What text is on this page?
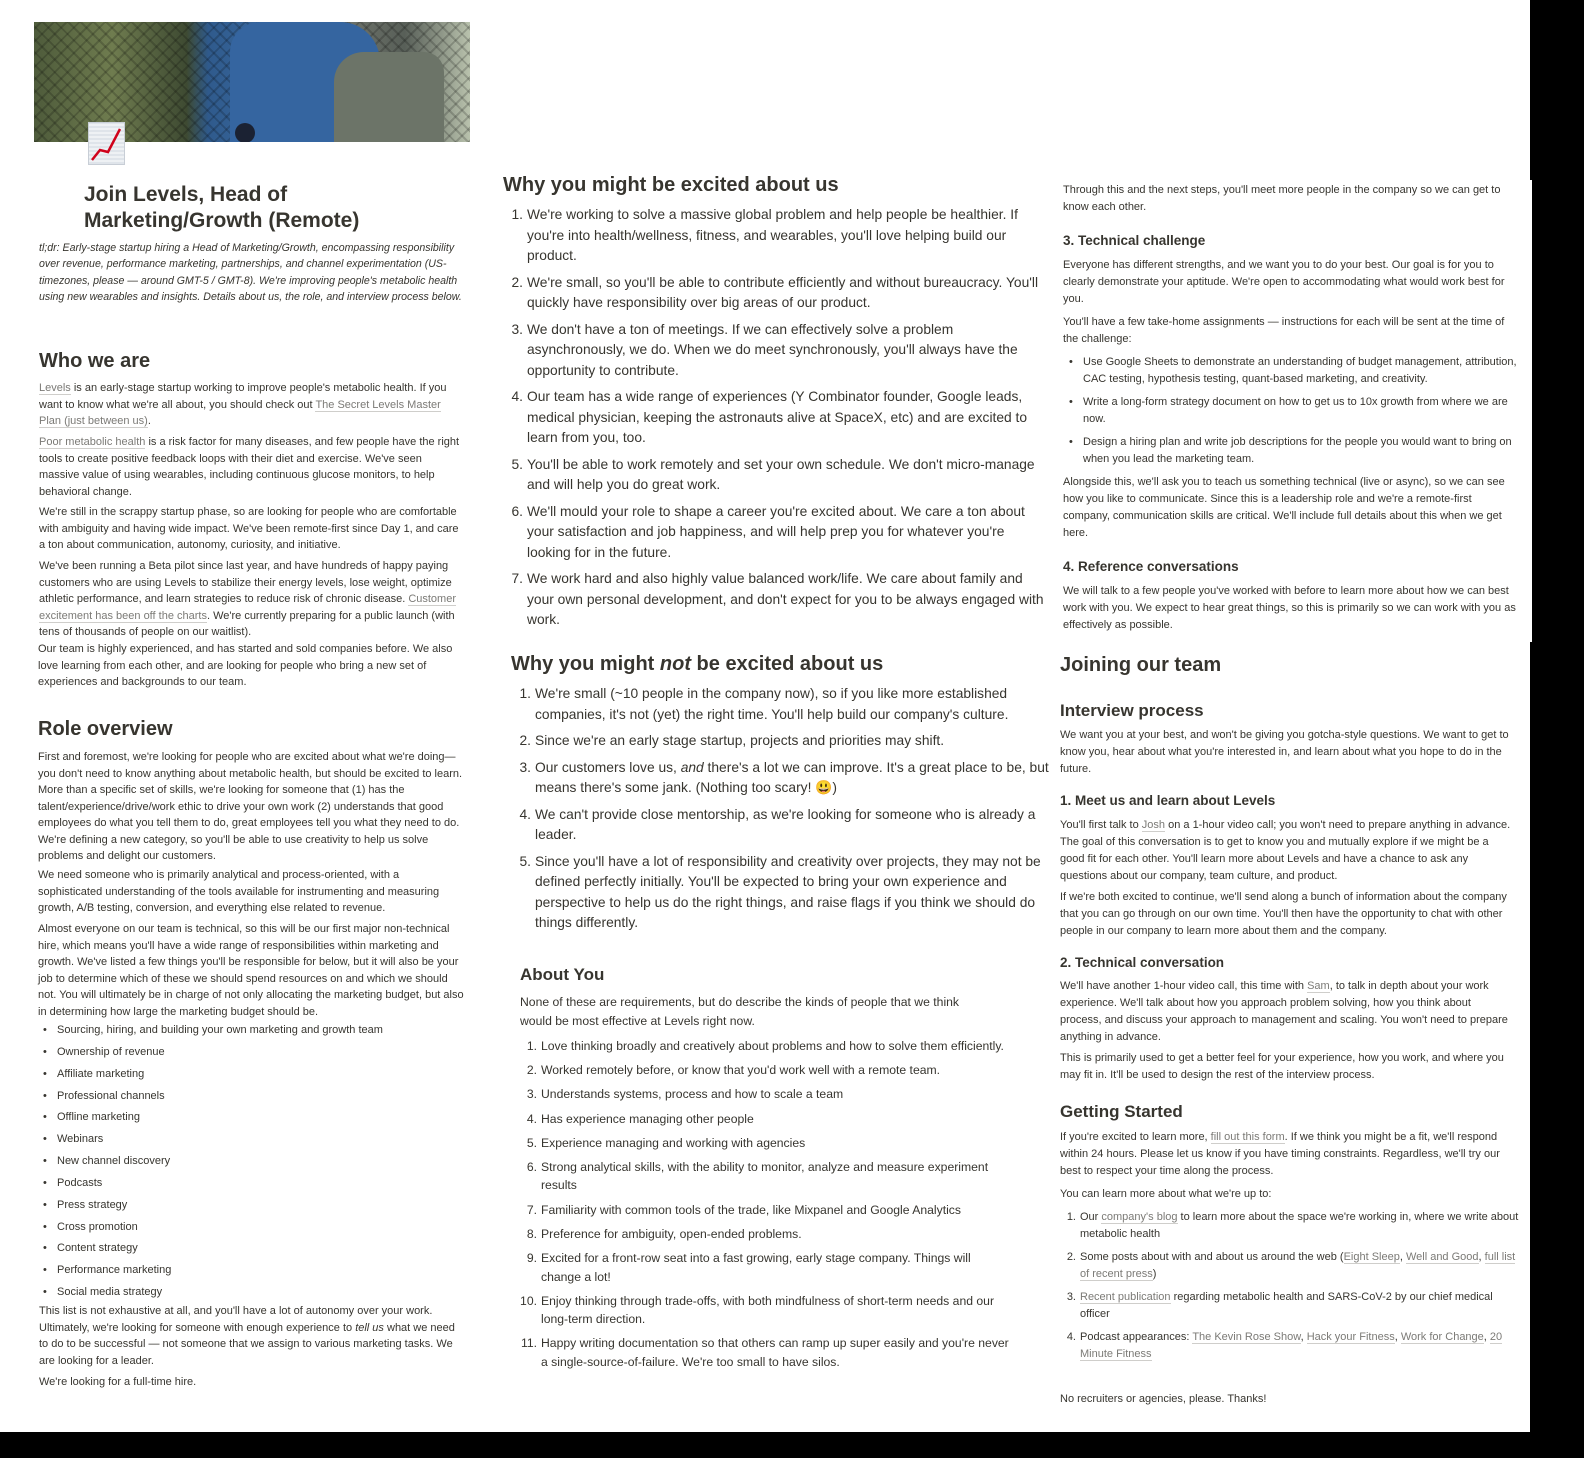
Join Levels, Head of Marketing/Growth (Remote)

tl;dr: Early-stage startup hiring a Head of Marketing/Growth, encompassing responsibility over revenue, performance marketing, partnerships, and channel experimentation (US-timezones, please — around GMT-5 / GMT-8). We're improving people's metabolic health using new wearables and insights. Details about us, the role, and interview process below.

Who we are

Levels is an early-stage startup working to improve people's metabolic health. If you want to know what we're all about, you should check out The Secret Levels Master Plan (just between us).

Poor metabolic health is a risk factor for many diseases, and few people have the right tools to create positive feedback loops with their diet and exercise. We've seen massive value of using wearables, including continuous glucose monitors, to help behavioral change.

We're still in the scrappy startup phase, so are looking for people who are comfortable with ambiguity and having wide impact. We've been remote-first since Day 1, and care a ton about communication, autonomy, curiosity, and initiative.

We've been running a Beta pilot since last year, and have hundreds of happy paying customers who are using Levels to stabilize their energy levels, lose weight, optimize athletic performance, and learn strategies to reduce risk of chronic disease. Customer excitement has been off the charts. We're currently preparing for a public launch (with tens of thousands of people on our waitlist).

Our team is highly experienced, and has started and sold companies before. We also love learning from each other, and are looking for people who bring a new set of experiences and backgrounds to our team.

Role overview

First and foremost, we're looking for people who are excited about what we're doing—you don't need to know anything about metabolic health, but should be excited to learn. More than a specific set of skills, we're looking for someone that (1) has the talent/experience/drive/work ethic to drive your own work (2) understands that good employees do what you tell them to do, great employees tell you what they need to do. We're defining a new category, so you'll be able to use creativity to help us solve problems and delight our customers.

We need someone who is primarily analytical and process-oriented, with a sophisticated understanding of the tools available for instrumenting and measuring growth, A/B testing, conversion, and everything else related to revenue.

Almost everyone on our team is technical, so this will be our first major non-technical hire, which means you'll have a wide range of responsibilities within marketing and growth. We've listed a few things you'll be responsible for below, but it will also be your job to determine which of these we should spend resources on and which we should not. You will ultimately be in charge of not only allocating the marketing budget, but also in determining how large the marketing budget should be.

• Sourcing, hiring, and building your own marketing and growth team
• Ownership of revenue
• Affiliate marketing
• Professional channels
• Offline marketing
• Webinars
• New channel discovery
• Podcasts
• Press strategy
• Cross promotion
• Content strategy
• Performance marketing
• Social media strategy

This list is not exhaustive at all, and you'll have a lot of autonomy over your work. Ultimately, we're looking for someone with enough experience to tell us what we need to do to be successful — not someone that we assign to various marketing tasks. We are looking for a leader.

We're looking for a full-time hire.

Why you might be excited about us
1. We're working to solve a massive global problem and help people be healthier. If you're into health/wellness, fitness, and wearables, you'll love helping build our product.
2. We're small, so you'll be able to contribute efficiently and without bureaucracy. You'll quickly have responsibility over big areas of our product.
3. We don't have a ton of meetings. If we can effectively solve a problem asynchronously, we do. When we do meet synchronously, you'll always have the opportunity to contribute.
4. Our team has a wide range of experiences (Y Combinator founder, Google leads, medical physician, keeping the astronauts alive at SpaceX, etc) and are excited to learn from you, too.
5. You'll be able to work remotely and set your own schedule. We don't micro-manage and will help you do great work.
6. We'll mould your role to shape a career you're excited about. We care a ton about your satisfaction and job happiness, and will help prep you for whatever you're looking for in the future.
7. We work hard and also highly value balanced work/life. We care about family and your own personal development, and don't expect for you to be always engaged with work.
Why you might not be excited about us
1. We're small (~10 people in the company now), so if you like more established companies, it's not (yet) the right time. You'll help build our company's culture.
2. Since we're an early stage startup, projects and priorities may shift.
3. Our customers love us, and there's a lot we can improve. It's a great place to be, but means there's some jank. (Nothing too scary! 😃)
4. We can't provide close mentorship, as we're looking for someone who is already a leader.
5. Since you'll have a lot of responsibility and creativity over projects, they may not be defined perfectly initially. You'll be expected to bring your own experience and perspective to help us do the right things, and raise flags if you think we should do things differently.
About You

None of these are requirements, but do describe the kinds of people that we think would be most effective at Levels right now.

1. Love thinking broadly and creatively about problems and how to solve them efficiently.
2. Worked remotely before, or know that you'd work well with a remote team.
3. Understands systems, process and how to scale a team
4. Has experience managing other people
5. Experience managing and working with agencies
6. Strong analytical skills, with the ability to monitor, analyze and measure experiment results
7. Familiarity with common tools of the trade, like Mixpanel and Google Analytics
8. Preference for ambiguity, open-ended problems.
9. Excited for a front-row seat into a fast growing, early stage company. Things will change a lot!
10. Enjoy thinking through trade-offs, with both mindfulness of short-term needs and our long-term direction.
11. Happy writing documentation so that others can ramp up super easily and you're never a single-source-of-failure. We're too small to have silos.

Through this and the next steps, you'll meet more people in the company so we can get to know each other.

3. Technical challenge

Everyone has different strengths, and we want you to do your best. Our goal is for you to clearly demonstrate your aptitude. We're open to accommodating what would work best for you.

You'll have a few take-home assignments — instructions for each will be sent at the time of the challenge:

• Use Google Sheets to demonstrate an understanding of budget management, attribution, CAC testing, hypothesis testing, quant-based marketing, and creativity.
• Write a long-form strategy document on how to get us to 10x growth from where we are now.
• Design a hiring plan and write job descriptions for the people you would want to bring on when you lead the marketing team.

Alongside this, we'll ask you to teach us something technical (live or async), so we can see how you like to communicate. Since this is a leadership role and we're a remote-first company, communication skills are critical. We'll include full details about this when we get here.

4. Reference conversations

We will talk to a few people you've worked with before to learn more about how we can best work with you. We expect to hear great things, so this is primarily so we can work with you as effectively as possible.

Joining our team
Interview process

We want you at your best, and won't be giving you gotcha-style questions. We want to get to know you, hear about what you're interested in, and learn about what you hope to do in the future.

1. Meet us and learn about Levels

You'll first talk to Josh on a 1-hour video call; you won't need to prepare anything in advance. The goal of this conversation is to get to know you and mutually explore if we might be a good fit for each other. You'll learn more about Levels and have a chance to ask any questions about our company, team culture, and product.

If we're both excited to continue, we'll send along a bunch of information about the company that you can go through on our own time. You'll then have the opportunity to chat with other people in our company to learn more about them and the company.

2. Technical conversation

We'll have another 1-hour video call, this time with Sam, to talk in depth about your work experience. We'll talk about how you approach problem solving, how you think about process, and discuss your approach to management and scaling. You won't need to prepare anything in advance.

This is primarily used to get a better feel for your experience, how you work, and where you may fit in. It'll be used to design the rest of the interview process.

Getting Started

If you're excited to learn more, fill out this form. If we think you might be a fit, we'll respond within 24 hours. Please let us know if you have timing constraints. Regardless, we'll try our best to respect your time along the process.

You can learn more about what we're up to:

1. Our company's blog to learn more about the space we're working in, where we write about metabolic health
2. Some posts about with and about us around the web (Eight Sleep, Well and Good, full list of recent press)
3. Recent publication regarding metabolic health and SARS-CoV-2 by our chief medical officer
4. Podcast appearances: The Kevin Rose Show, Hack your Fitness, Work for Change, 20 Minute Fitness

No recruiters or agencies, please. Thanks!
